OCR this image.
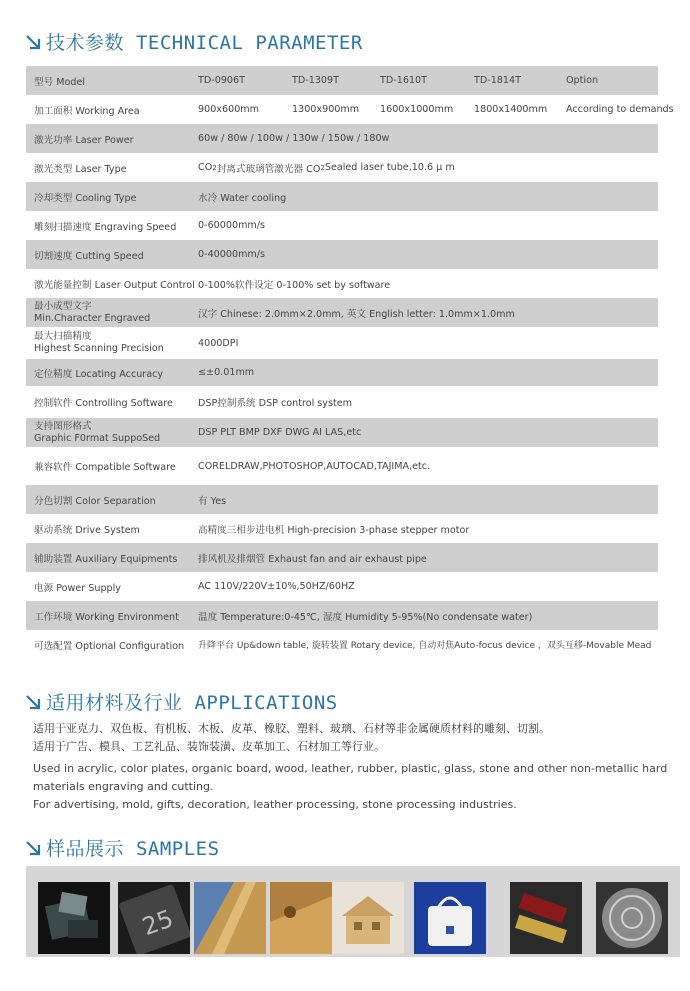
技术参数 TECHNICAL PARAMETER
型号 Model	TD-0906T	TD-1309T	TD-1610T	TD-1814T	Option
加工面积 Working Area	900x600mm	1300x900mm 1600x1000mm 1800x1400mm According to demands
激光功率 Laser Power	60w / 80w / 100w / 130w / 150w / 180w
激光类型 Laser Type	CO 2 封离式玻璃管激光器 CO 2 Sealed laser tube,10.6 μ m
冷却类型 Cooling Type	水冷 Water cooling
雕刻扫描速度 Engraving Speed 0-60000mm/s
切割速度 Cutting Speed	0-40000mm/s
激光能量控制 Laser Output Control 0-100%软件设定 0-100% set by software
最小成型文字
Min.Character Engraved	汉字 Chinese: 2.0mm×2.0mm, 英文 English letter: 1.0mm×1.0mm
最大扫描精度
Highest Scanning Precision	4000DPI
定位精度 Locating Accuracy	≤±0.01mm
控制软件 Controlling Software	DSP控制系统 DSP control system
支持图形格式
Graphic F0rmat SuppoSed	DSP PLT BMP DXF DWG AI LAS,etc
兼容软件 Compatible Software CORELDRAW,PHOTOSHOP,AUTOCAD,TAJIMA,etc.
分色切割 Color Separation	有 Yes
驱动系统 Drive System	高精度三相步进电机 High-precision 3-phase stepper motor
辅助装置 Auxiliary Equipments 排风机及排烟管 Exhaust fan and air exhaust pipe
电源 Power Supply	AC 110V/220V±10%,50HZ/60HZ
工作环境 Working Environment 温度 Temperature:0-45℃, 湿度 Humidity 5-95%(No condensate water)
可选配置 Optional Configuration 升降平台 Up&down table, 旋转装置 Rotary device, 自动对焦Auto-focus device ，双头互移-Movable Mead
适用材料及行业 APPLICATIONS
适用于亚克力、双色板、有机板、木板、皮革、橡胶、塑料、玻璃、石材等非金属硬质材料的雕刻、切割。
适用于广告、模具、工艺礼品、装饰装潢、皮革加工、石材加工等行业。
Used in acrylic, color plates, organic board, wood, leather, rubber, plastic, glass, stone and other non-metallic hard materials engraving and cutting.
For advertising, mold, gifts, decoration, leather processing, stone processing industries.
样品展示 SAMPLES
25
